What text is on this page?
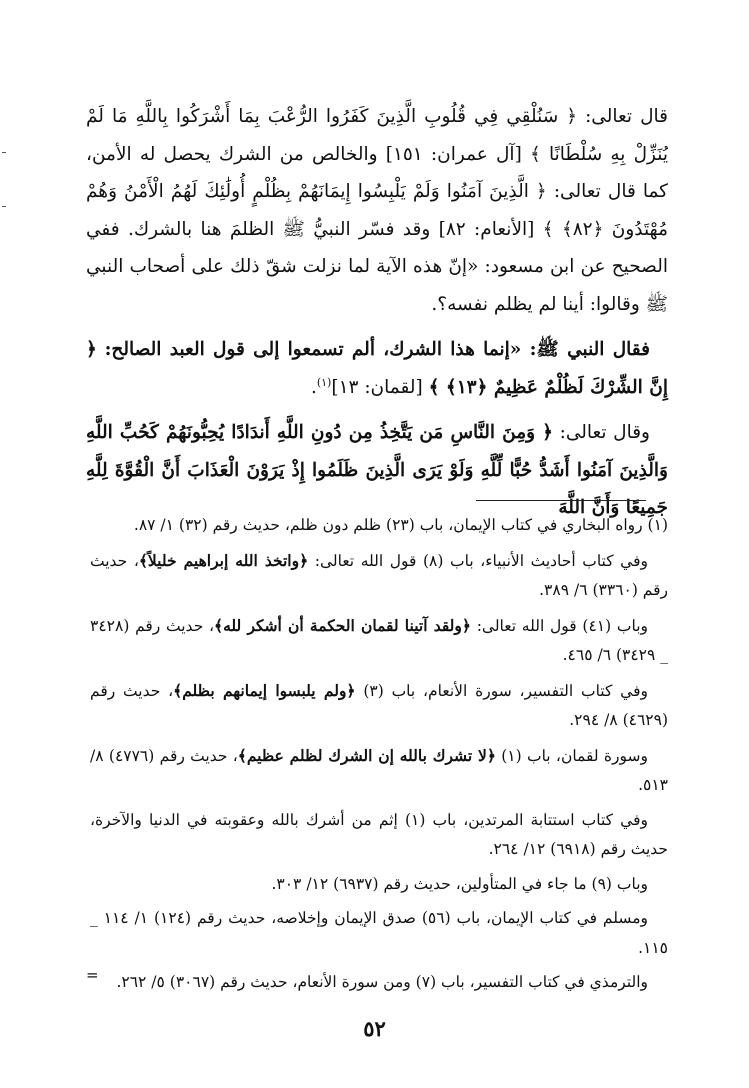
قال تعالى: ﴿ سَنُلْقِي فِي قُلُوبِ الَّذِينَ كَفَرُوا الرُّعْبَ بِمَا أَشْرَكُوا بِاللَّهِ مَا لَمْ يُنَزِّلْ بِهِ سُلْطَانًا ﴾ [آل عمران: ١٥١] والخالص من الشرك يحصل له الأمن، كما قال تعالى: ﴿ الَّذِينَ آمَنُوا وَلَمْ يَلْبِسُوا إِيمَانَهُمْ بِظُلْمٍ أُولَٰئِكَ لَهُمُ الْأَمْنُ وَهُمْ مُهْتَدُونَ ﴿٨٢﴾ ﴾ [الأنعام: ٨٢] وقد فسّر النبيُّ ﷺ الظلمَ هنا بالشرك. ففي الصحيح عن ابن مسعود: «إنّ هذه الآية لما نزلت شقّ ذلك على أصحاب النبي ﷺ وقالوا: أينا لم يظلم نفسه؟.

فقال النبي ﷺ: «إنما هذا الشرك، ألم تسمعوا إلى قول العبد الصالح: ﴿ إِنَّ الشِّرْكَ لَظُلْمٌ عَظِيمٌ ﴿١٣﴾ ﴾ [لقمان: ١٣]$^{(١)}$.

وقال تعالى: ﴿ وَمِنَ النَّاسِ مَن يَتَّخِذُ مِن دُونِ اللَّهِ أَندَادًا يُحِبُّونَهُمْ كَحُبِّ اللَّهِ وَالَّذِينَ آمَنُوا أَشَدُّ حُبًّا لِّلَّهِ وَلَوْ يَرَى الَّذِينَ ظَلَمُوا إِذْ يَرَوْنَ الْعَذَابَ أَنَّ الْقُوَّةَ لِلَّهِ جَمِيعًا وَأَنَّ اللَّهَ

(١) رواه البخاري في كتاب الإيمان، باب (٢٣) ظلم دون ظلم، حديث رقم (٣٢) ١/ ٨٧.

وفي كتاب أحاديث الأنبياء، باب (٨) قول الله تعالى: ﴿واتخذ الله إبراهيم خليلاً﴾، حديث رقم (٣٣٦٠) ٦/ ٣٨٩.

وباب (٤١) قول الله تعالى: ﴿ولقد آتينا لقمان الحكمة أن أشكر لله﴾، حديث رقم (٣٤٢٨ _ ٣٤٢٩) ٦/ ٤٦٥.

وفي كتاب التفسير، سورة الأنعام، باب (٣) ﴿ولم يلبسوا إيمانهم بظلم﴾، حديث رقم (٤٦٢٩) ٨/ ٢٩٤.

وسورة لقمان، باب (١) ﴿لا تشرك بالله إن الشرك لظلم عظيم﴾، حديث رقم (٤٧٧٦) ٨/ ٥١٣.

وفي كتاب استتابة المرتدين، باب (١) إثم من أشرك بالله وعقوبته في الدنيا والآخرة، حديث رقم (٦٩١٨) ١٢/ ٢٦٤.

وباب (٩) ما جاء في المتأولين، حديث رقم (٦٩٣٧) ١٢/ ٣٠٣.

ومسلم في كتاب الإيمان، باب (٥٦) صدق الإيمان وإخلاصه، حديث رقم (١٢٤) ١/ ١١٤ _ ١١٥.

والترمذي في كتاب التفسير، باب (٧) ومن سورة الأنعام، حديث رقم (٣٠٦٧) ٥/ ٢٦٢.

=
٥٢
